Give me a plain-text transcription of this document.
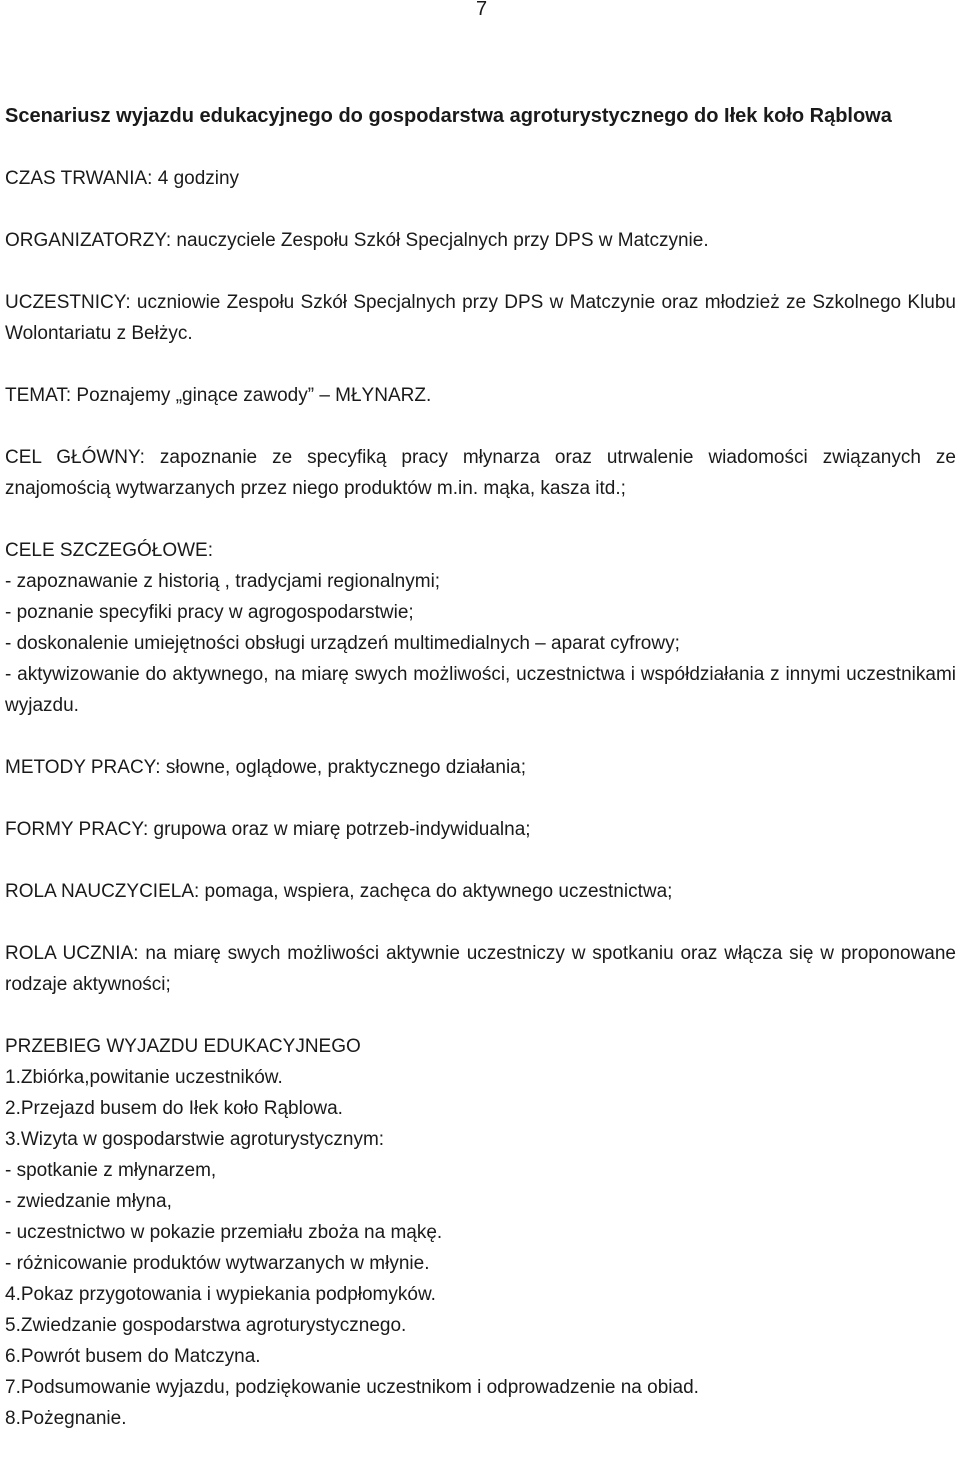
7

Scenariusz wyjazdu edukacyjnego do gospodarstwa agroturystycznego do Iłek koło Rąblowa

CZAS TRWANIA: 4 godziny

ORGANIZATORZY: nauczyciele Zespołu Szkół Specjalnych przy DPS w Matczynie.

UCZESTNICY: uczniowie Zespołu Szkół Specjalnych przy DPS w Matczynie oraz młodzież ze Szkolnego Klubu Wolontariatu z Bełżyc.

TEMAT: Poznajemy „ginące zawody” – MŁYNARZ.

CEL GŁÓWNY: zapoznanie ze specyfiką pracy młynarza oraz utrwalenie wiadomości związanych ze znajomością wytwarzanych przez niego produktów m.in. mąka, kasza itd.;

CELE SZCZEGÓŁOWE:

- zapoznawanie z historią , tradycjami regionalnymi;
- poznanie specyfiki pracy w agrogospodarstwie;
- doskonalenie umiejętności obsługi urządzeń multimedialnych – aparat cyfrowy;
- aktywizowanie do aktywnego, na miarę swych możliwości, uczestnictwa i współdziałania z innymi uczestnikami wyjazdu.

METODY PRACY: słowne, oglądowe, praktycznego działania;

FORMY PRACY: grupowa oraz w miarę potrzeb-indywidualna;

ROLA NAUCZYCIELA: pomaga, wspiera, zachęca do aktywnego uczestnictwa;

ROLA UCZNIA: na miarę swych możliwości aktywnie uczestniczy w spotkaniu oraz włącza się w proponowane rodzaje aktywności;

PRZEBIEG WYJAZDU EDUKACYJNEGO

1.Zbiórka,powitanie uczestników.
2.Przejazd busem do Iłek koło Rąblowa.
3.Wizyta w gospodarstwie agroturystycznym:
- spotkanie z młynarzem,
- zwiedzanie młyna,
- uczestnictwo w pokazie przemiału zboża na mąkę.
- różnicowanie produktów wytwarzanych w młynie.
4.Pokaz przygotowania i wypiekania podpłomyków.
5.Zwiedzanie gospodarstwa agroturystycznego.
6.Powrót busem do Matczyna.
7.Podsumowanie wyjazdu, podziękowanie uczestnikom i odprowadzenie na obiad.
8.Pożegnanie.
